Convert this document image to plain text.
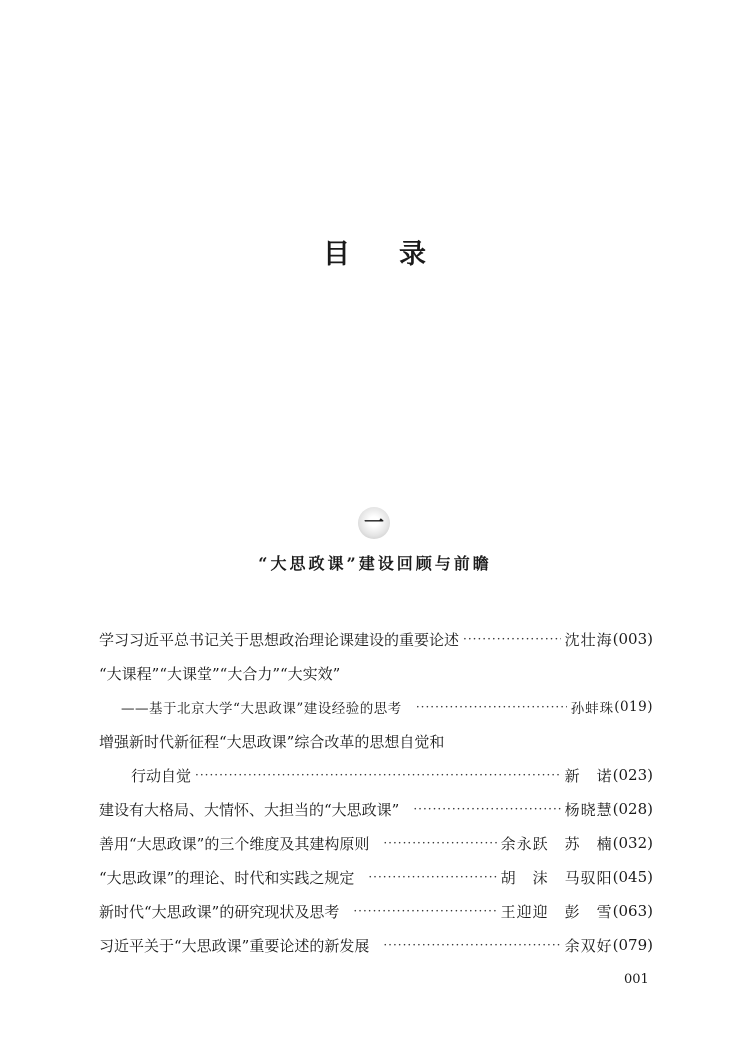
目 录
一
“大思政课”建设回顾与前瞻
学习习近平总书记关于思想政治理论课建设的重要论述 ·····	沈壮海 (003)
“大课程”“大课堂”“大合力”“大实效”
——基于北京大学“大思政课”建设经验的思考 ·····	孙蚌珠 (019)
增强新时代新征程“大思政课”综合改革的思想自觉和
行动自觉 ·····	新　诺 (023)
建设有大格局、大情怀、大担当的“大思政课” ·····	杨晓慧 (028)
善用“大思政课”的三个维度及其建构原则 ·····	余永跃　苏　楠 (032)
“大思政课”的理论、时代和实践之规定 ·····	胡　沫　马驭阳 (045)
新时代“大思政课”的研究现状及思考 ·····	王迎迎　彭　雪 (063)
习近平关于“大思政课”重要论述的新发展 ·····	余双好 (079)
001
